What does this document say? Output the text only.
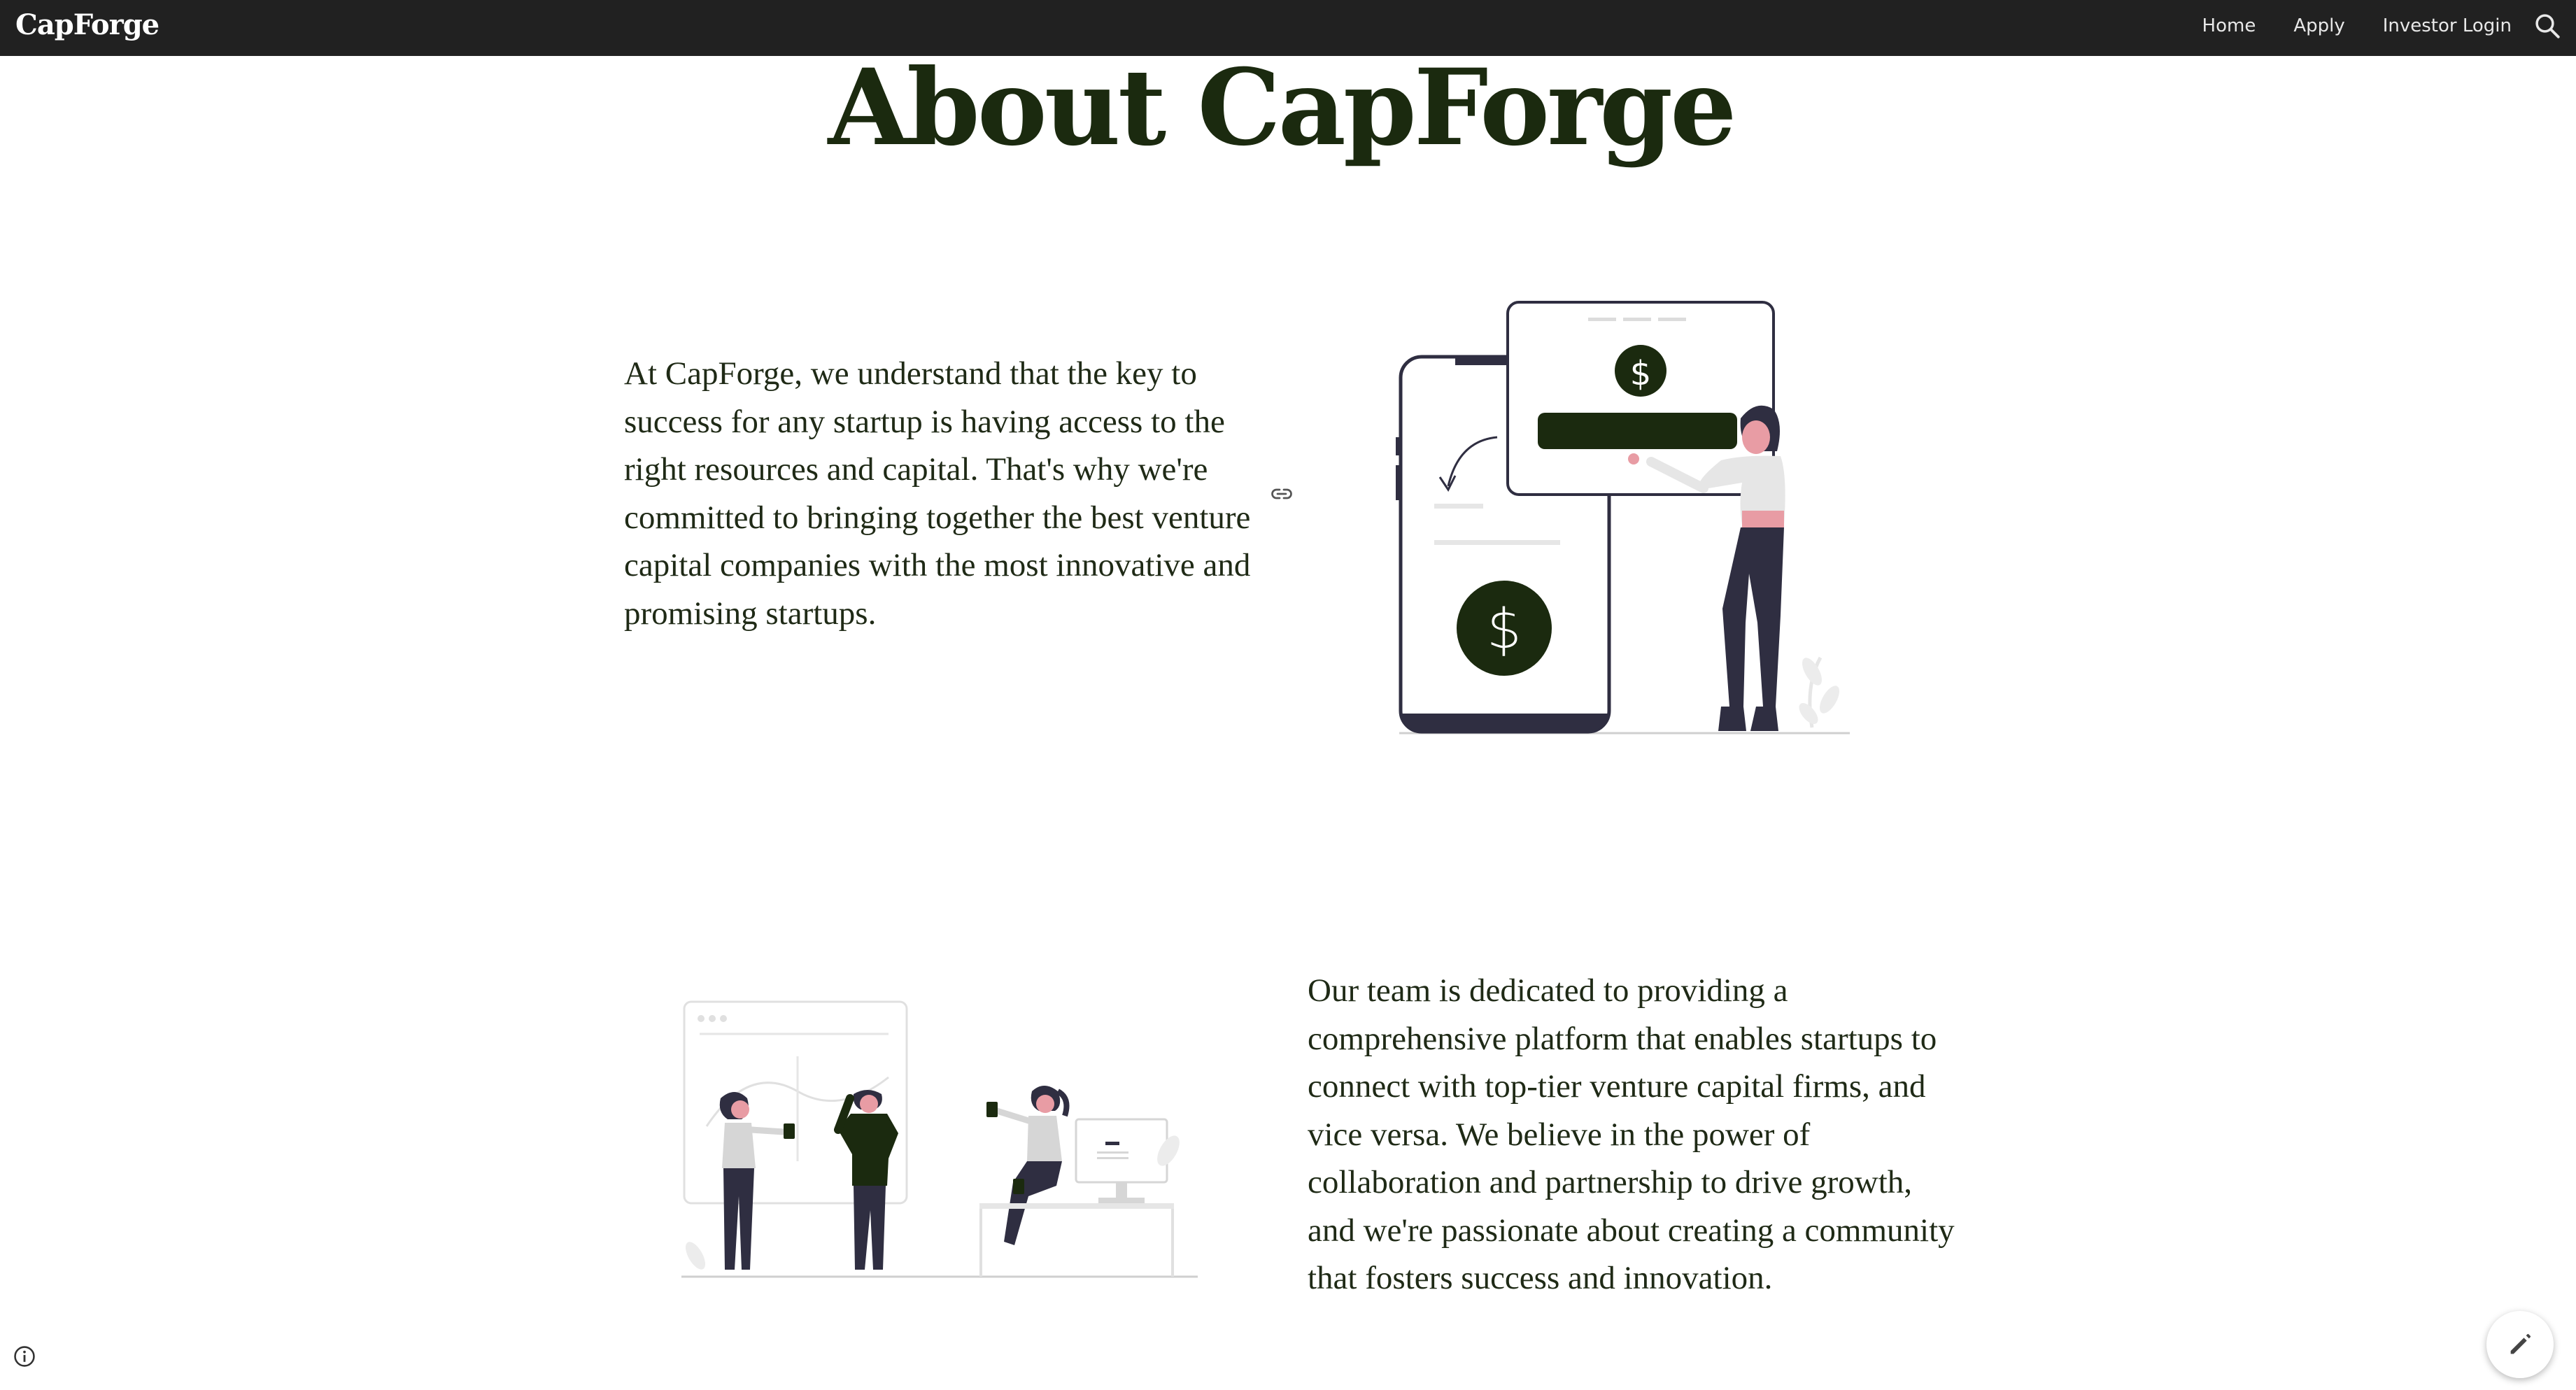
CapForge	Home Apply Investor Login
About CapForge

At CapForge, we understand that the key to success for any startup is having access to the right resources and capital. That's why we're committed to bringing together the best venture capital companies with the most innovative and promising startups.	$
$

Our team is dedicated to providing a comprehensive platform that enables startups to connect with top-tier venture capital firms, and vice versa. We believe in the power of collaboration and partnership to drive growth, and we're passionate about creating a community that fosters success and innovation.
